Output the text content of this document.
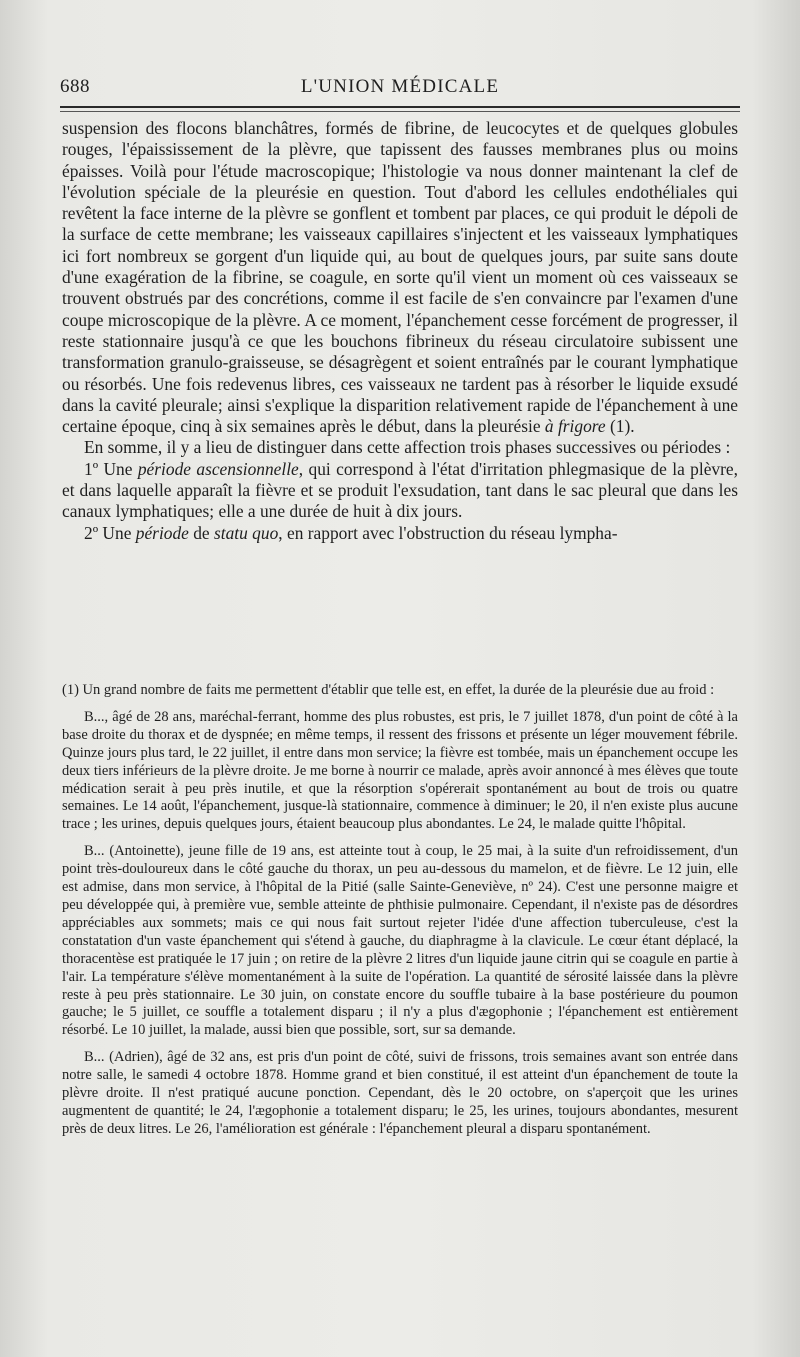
688	L'UNION MÉDICALE

suspension des flocons blanchâtres, formés de fibrine, de leucocytes et de quelques globules rouges, l'épaississement de la plèvre, que tapissent des fausses membranes plus ou moins épaisses. Voilà pour l'étude macroscopique; l'histologie va nous donner maintenant la clef de l'évolution spéciale de la pleurésie en question. Tout d'abord les cellules endothéliales qui revêtent la face interne de la plèvre se gonflent et tombent par places, ce qui produit le dépoli de la surface de cette membrane; les vaisseaux capillaires s'injectent et les vaisseaux lymphatiques ici fort nombreux se gorgent d'un liquide qui, au bout de quelques jours, par suite sans doute d'une exagération de la fibrine, se coagule, en sorte qu'il vient un moment où ces vaisseaux se trouvent obstrués par des concrétions, comme il est facile de s'en convaincre par l'examen d'une coupe microscopique de la plèvre. A ce moment, l'épanchement cesse forcément de progresser, il reste stationnaire jusqu'à ce que les bouchons fibrineux du réseau circulatoire subissent une transformation granulo-graisseuse, se désagrègent et soient entraînés par le courant lymphatique ou résorbés. Une fois redevenus libres, ces vaisseaux ne tardent pas à résorber le liquide exsudé dans la cavité pleurale; ainsi s'explique la disparition relativement rapide de l'épanchement à une certaine époque, cinq à six semaines après le début, dans la pleurésie à frigore (1).

En somme, il y a lieu de distinguer dans cette affection trois phases successives ou périodes :

1º Une période ascensionnelle, qui correspond à l'état d'irritation phlegmasique de la plèvre, et dans laquelle apparaît la fièvre et se produit l'exsudation, tant dans le sac pleural que dans les canaux lymphatiques; elle a une durée de huit à dix jours.

2º Une période de statu quo, en rapport avec l'obstruction du réseau lympha-

(1) Un grand nombre de faits me permettent d'établir que telle est, en effet, la durée de la pleurésie due au froid :

B..., âgé de 28 ans, maréchal-ferrant, homme des plus robustes, est pris, le 7 juillet 1878, d'un point de côté à la base droite du thorax et de dyspnée; en même temps, il ressent des frissons et présente un léger mouvement fébrile. Quinze jours plus tard, le 22 juillet, il entre dans mon service; la fièvre est tombée, mais un épanchement occupe les deux tiers inférieurs de la plèvre droite. Je me borne à nourrir ce malade, après avoir annoncé à mes élèves que toute médication serait à peu près inutile, et que la résorption s'opérerait spontanément au bout de trois ou quatre semaines. Le 14 août, l'épanchement, jusque-là stationnaire, commence à diminuer; le 20, il n'en existe plus aucune trace ; les urines, depuis quelques jours, étaient beaucoup plus abondantes. Le 24, le malade quitte l'hôpital.

B... (Antoinette), jeune fille de 19 ans, est atteinte tout à coup, le 25 mai, à la suite d'un refroidissement, d'un point très-douloureux dans le côté gauche du thorax, un peu au-dessous du mamelon, et de fièvre. Le 12 juin, elle est admise, dans mon service, à l'hôpital de la Pitié (salle Sainte-Geneviève, nº 24). C'est une personne maigre et peu développée qui, à première vue, semble atteinte de phthisie pulmonaire. Cependant, il n'existe pas de désordres appréciables aux sommets; mais ce qui nous fait surtout rejeter l'idée d'une affection tuberculeuse, c'est la constatation d'un vaste épanchement qui s'étend à gauche, du diaphragme à la clavicule. Le cœur étant déplacé, la thoracentèse est pratiquée le 17 juin ; on retire de la plèvre 2 litres d'un liquide jaune citrin qui se coagule en partie à l'air. La température s'élève momentanément à la suite de l'opération. La quantité de sérosité laissée dans la plèvre reste à peu près stationnaire. Le 30 juin, on constate encore du souffle tubaire à la base postérieure du poumon gauche; le 5 juillet, ce souffle a totalement disparu ; il n'y a plus d'ægophonie ; l'épanchement est entièrement résorbé. Le 10 juillet, la malade, aussi bien que possible, sort, sur sa demande.

B... (Adrien), âgé de 32 ans, est pris d'un point de côté, suivi de frissons, trois semaines avant son entrée dans notre salle, le samedi 4 octobre 1878. Homme grand et bien constitué, il est atteint d'un épanchement de toute la plèvre droite. Il n'est pratiqué aucune ponction. Cependant, dès le 20 octobre, on s'aperçoit que les urines augmentent de quantité; le 24, l'ægophonie a totalement disparu; le 25, les urines, toujours abondantes, mesurent près de deux litres. Le 26, l'amélioration est générale : l'épanchement pleural a disparu spontanément.
